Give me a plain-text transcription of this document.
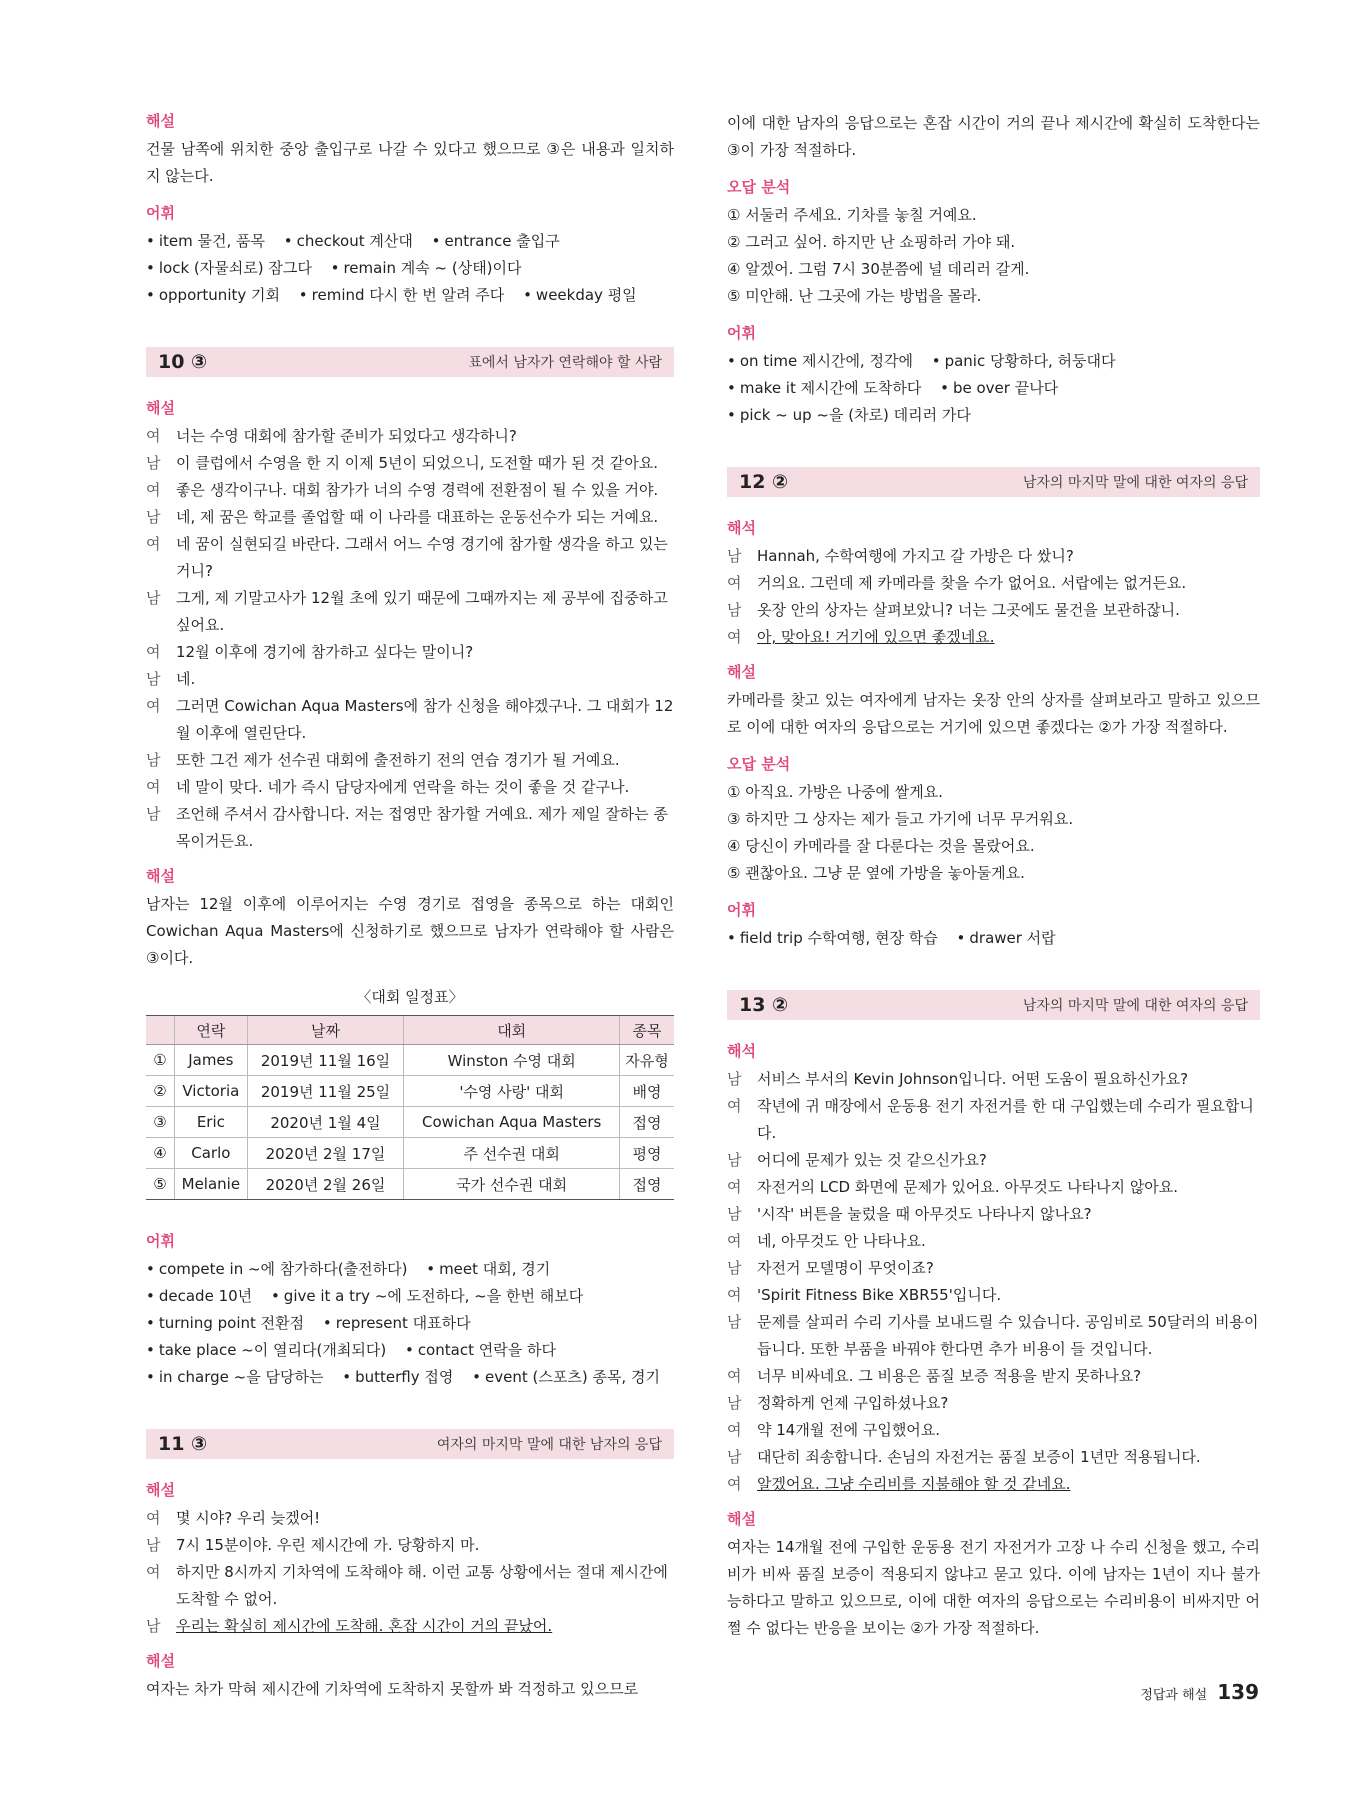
해설
건물 남쪽에 위치한 중앙 출입구로 나갈 수 있다고 했으므로 ③은 내용과 일치하지 않는다.
어휘
• item 물건, 품목 • checkout 계산대 • entrance 출입구 • lock (자물쇠로) 잠그다 • remain 계속 ~ (상태)이다 • opportunity 기회 • remind 다시 한 번 알려 주다 • weekday 평일
10 ③	표에서 남자가 연락해야 할 사람
해설
여	너는 수영 대회에 참가할 준비가 되었다고 생각하니?
남	이 클럽에서 수영을 한 지 이제 5년이 되었으니, 도전할 때가 된 것 같아요.
여	좋은 생각이구나. 대회 참가가 너의 수영 경력에 전환점이 될 수 있을 거야.
남	네, 제 꿈은 학교를 졸업할 때 이 나라를 대표하는 운동선수가 되는 거예요.
여	네 꿈이 실현되길 바란다. 그래서 어느 수영 경기에 참가할 생각을 하고 있는 거니?
남	그게, 제 기말고사가 12월 초에 있기 때문에 그때까지는 제 공부에 집중하고 싶어요.
여	12월 이후에 경기에 참가하고 싶다는 말이니?
남	네.
여	그러면 Cowichan Aqua Masters에 참가 신청을 해야겠구나. 그 대회가 12월 이후에 열린단다.
남	또한 그건 제가 선수권 대회에 출전하기 전의 연습 경기가 될 거예요.
여	네 말이 맞다. 네가 즉시 담당자에게 연락을 하는 것이 좋을 것 같구나.
남	조언해 주셔서 감사합니다. 저는 접영만 참가할 거예요. 제가 제일 잘하는 종목이거든요.
해설
남자는 12월 이후에 이루어지는 수영 경기로 접영을 종목으로 하는 대회인 Cowichan Aqua Masters에 신청하기로 했으므로 남자가 연락해야 할 사람은 ③이다.
〈대회 일정표〉
	연락	날짜	대회	종목
①	James	2019년 11월 16일	Winston 수영 대회	자유형
②	Victoria	2019년 11월 25일	'수영 사랑' 대회	배영
③	Eric	2020년 1월 4일	Cowichan Aqua Masters	접영
④	Carlo	2020년 2월 17일	주 선수권 대회	평영
⑤	Melanie	2020년 2월 26일	국가 선수권 대회	접영
어휘
• compete in ~에 참가하다(출전하다) • meet 대회, 경기 • decade 10년 • give it a try ~에 도전하다, ~을 한번 해보다 • turning point 전환점 • represent 대표하다 • take place ~이 열리다(개최되다) • contact 연락을 하다 • in charge ~을 담당하는 • butterfly 접영 • event (스포츠) 종목, 경기
11 ③	여자의 마지막 말에 대한 남자의 응답
해설
여	몇 시야? 우리 늦겠어!
남	7시 15분이야. 우린 제시간에 가. 당황하지 마.
여	하지만 8시까지 기차역에 도착해야 해. 이런 교통 상황에서는 절대 제시간에 도착할 수 없어.
남	우리는 확실히 제시간에 도착해. 혼잡 시간이 거의 끝났어.
해설
여자는 차가 막혀 제시간에 기차역에 도착하지 못할까 봐 걱정하고 있으므로
이에 대한 남자의 응답으로는 혼잡 시간이 거의 끝나 제시간에 확실히 도착한다는 ③이 가장 적절하다.
오답 분석
① 서둘러 주세요. 기차를 놓칠 거예요.
② 그러고 싶어. 하지만 난 쇼핑하러 가야 돼.
④ 알겠어. 그럼 7시 30분쯤에 널 데리러 갈게.
⑤ 미안해. 난 그곳에 가는 방법을 몰라.
어휘
• on time 제시간에, 정각에 • panic 당황하다, 허둥대다 • make it 제시간에 도착하다 • be over 끝나다 • pick ~ up ~을 (차로) 데리러 가다
12 ②	남자의 마지막 말에 대한 여자의 응답
해석
남	Hannah, 수학여행에 가지고 갈 가방은 다 쌌니?
여	거의요. 그런데 제 카메라를 찾을 수가 없어요. 서랍에는 없거든요.
남	옷장 안의 상자는 살펴보았니? 너는 그곳에도 물건을 보관하잖니.
여	아, 맞아요! 거기에 있으면 좋겠네요.
해설
카메라를 찾고 있는 여자에게 남자는 옷장 안의 상자를 살펴보라고 말하고 있으므로 이에 대한 여자의 응답으로는 거기에 있으면 좋겠다는 ②가 가장 적절하다.
오답 분석
① 아직요. 가방은 나중에 쌀게요.
③ 하지만 그 상자는 제가 들고 가기에 너무 무거워요.
④ 당신이 카메라를 잘 다룬다는 것을 몰랐어요.
⑤ 괜찮아요. 그냥 문 옆에 가방을 놓아둘게요.
어휘
• field trip 수학여행, 현장 학습 • drawer 서랍
13 ②	남자의 마지막 말에 대한 여자의 응답
해석
남	서비스 부서의 Kevin Johnson입니다. 어떤 도움이 필요하신가요?
여	작년에 귀 매장에서 운동용 전기 자전거를 한 대 구입했는데 수리가 필요합니다.
남	어디에 문제가 있는 것 같으신가요?
여	자전거의 LCD 화면에 문제가 있어요. 아무것도 나타나지 않아요.
남	'시작' 버튼을 눌렀을 때 아무것도 나타나지 않나요?
여	네, 아무것도 안 나타나요.
남	자전거 모델명이 무엇이죠?
여	'Spirit Fitness Bike XBR55'입니다.
남	문제를 살피러 수리 기사를 보내드릴 수 있습니다. 공임비로 50달러의 비용이 듭니다. 또한 부품을 바꿔야 한다면 추가 비용이 들 것입니다.
여	너무 비싸네요. 그 비용은 품질 보증 적용을 받지 못하나요?
남	정확하게 언제 구입하셨나요?
여	약 14개월 전에 구입했어요.
남	대단히 죄송합니다. 손님의 자전거는 품질 보증이 1년만 적용됩니다.
여	알겠어요. 그냥 수리비를 지불해야 할 것 같네요.
해설
여자는 14개월 전에 구입한 운동용 전기 자전거가 고장 나 수리 신청을 했고, 수리비가 비싸 품질 보증이 적용되지 않냐고 묻고 있다. 이에 남자는 1년이 지나 불가능하다고 말하고 있으므로, 이에 대한 여자의 응답으로는 수리비용이 비싸지만 어쩔 수 없다는 반응을 보이는 ②가 가장 적절하다.
정답과 해설 139
